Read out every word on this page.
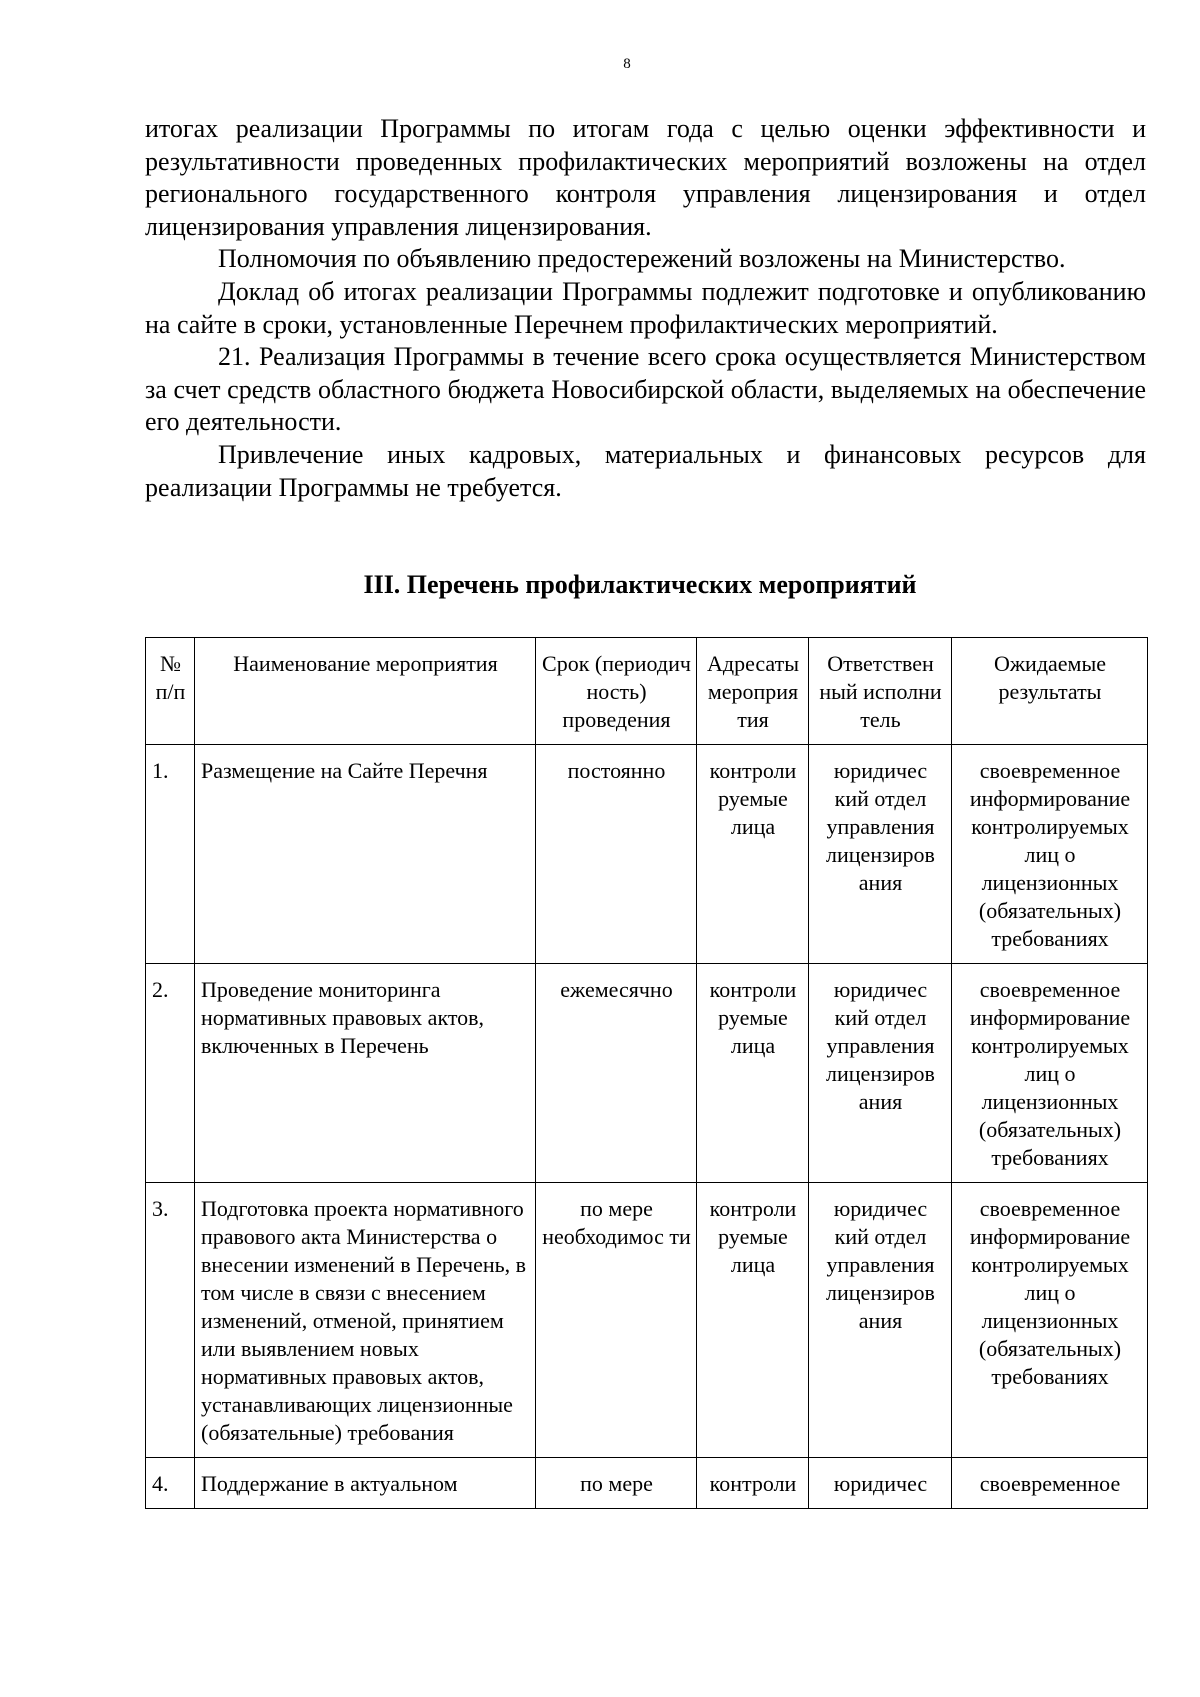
8

итогах реализации Программы по итогам года с целью оценки эффективности и результативности проведенных профилактических мероприятий возложены на отдел регионального государственного контроля управления лицензирования и отдел лицензирования управления лицензирования.

Полномочия по объявлению предостережений возложены на Министерство.

Доклад об итогах реализации Программы подлежит подготовке и опубликованию на сайте в сроки, установленные Перечнем профилактических мероприятий.

21. Реализация Программы в течение всего срока осуществляется Министерством за счет средств областного бюджета Новосибирской области, выделяемых на обеспечение его деятельности.

Привлечение иных кадровых, материальных и финансовых ресурсов для реализации Программы не требуется.

III. Перечень профилактических мероприятий
№ п/п	Наименование мероприятия	Срок (периодич ность) проведения	Адресаты мероприя тия	Ответствен ный исполни тель	Ожидаемые результаты
1.	Размещение на Сайте Перечня	постоянно	контроли руемые лица	юридичес кий отдел управления лицензиров ания	своевременное информирование контролируемых лиц о лицензионных (обязательных) требованиях
2.	Проведение мониторинга нормативных правовых актов, включенных в Перечень	ежемесячно	контроли руемые лица	юридичес кий отдел управления лицензиров ания	своевременное информирование контролируемых лиц о лицензионных (обязательных) требованиях
3.	Подготовка проекта нормативного правового акта Министерства о внесении изменений в Перечень, в том числе в связи с внесением изменений, отменой, принятием или выявлением новых нормативных правовых актов, устанавливающих лицензионные (обязательные) требования	по мере необходимос ти	контроли руемые лица	юридичес кий отдел управления лицензиров ания	своевременное информирование контролируемых лиц о лицензионных (обязательных) требованиях
4.	Поддержание в актуальном	по мере	контроли	юридичес	своевременное
